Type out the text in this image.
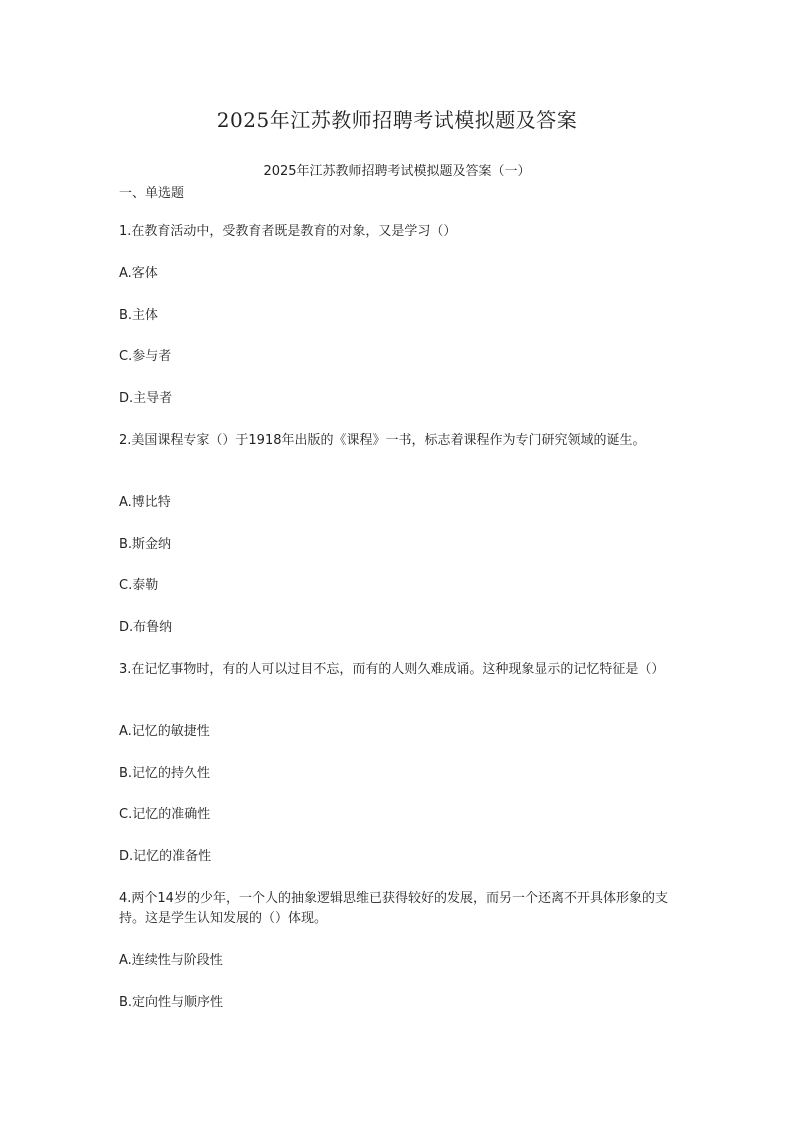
2025年江苏教师招聘考试模拟题及答案
2025年江苏教师招聘考试模拟题及答案（一）
一、单选题
1.在教育活动中，受教育者既是教育的对象，又是学习（）
A.客体
B.主体
C.参与者
D.主导者
2.美国课程专家（）于1918年出版的《课程》一书，标志着课程作为专门研究领域的诞生。
A.博比特
B.斯金纳
C.泰勒
D.布鲁纳
3.在记忆事物时，有的人可以过目不忘，而有的人则久难成诵。这种现象显示的记忆特征是（）
A.记忆的敏捷性
B.记忆的持久性
C.记忆的准确性
D.记忆的准备性
4.两个14岁的少年，一个人的抽象逻辑思维已获得较好的发展，而另一个还离不开具体形象的支持。这是学生认知发展的（）体现。
A.连续性与阶段性
B.定向性与顺序性
